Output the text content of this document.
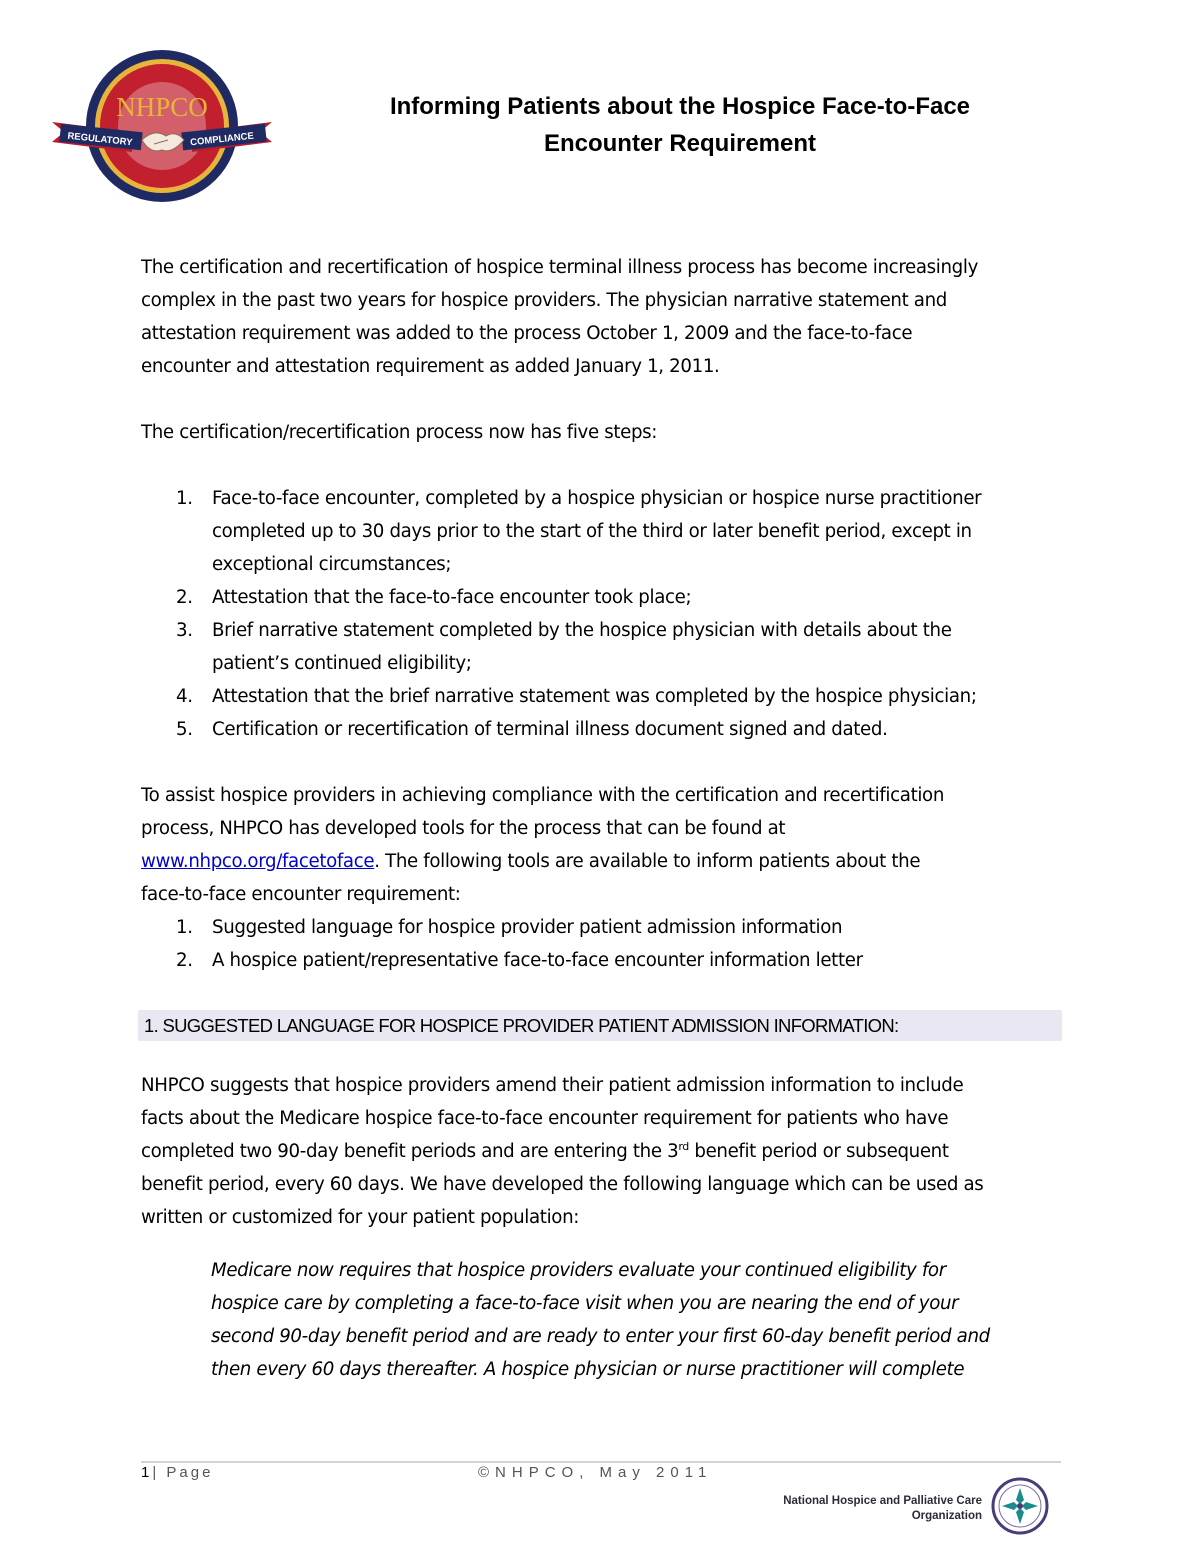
NHPCO
REGULATORY	COMPLIANCE
Informing Patients about the Hospice Face-to-Face
Encounter Requirement

The certification and recertification of hospice terminal illness process has become increasingly
complex in the past two years for hospice providers. The physician narrative statement and
attestation requirement was added to the process October 1, 2009 and the face-to-face
encounter and attestation requirement as added January 1, 2011.

The certification/recertification process now has five steps:

1. Face-to-face encounter, completed by a hospice physician or hospice nurse practitioner
completed up to 30 days prior to the start of the third or later benefit period, except in
exceptional circumstances;
2. Attestation that the face-to-face encounter took place;
3. Brief narrative statement completed by the hospice physician with details about the
patient’s continued eligibility;
4. Attestation that the brief narrative statement was completed by the hospice physician;
5. Certification or recertification of terminal illness document signed and dated.

To assist hospice providers in achieving compliance with the certification and recertification
process, NHPCO has developed tools for the process that can be found at
www.nhpco.org/facetoface. The following tools are available to inform patients about the
face-to-face encounter requirement:

1. Suggested language for hospice provider patient admission information
2. A hospice patient/representative face-to-face encounter information letter
1. SUGGESTED LANGUAGE FOR HOSPICE PROVIDER PATIENT ADMISSION INFORMATION:

NHPCO suggests that hospice providers amend their patient admission information to include
facts about the Medicare hospice face-to-face encounter requirement for patients who have
completed two 90-day benefit periods and are entering the 3rd benefit period or subsequent
benefit period, every 60 days. We have developed the following language which can be used as
written or customized for your patient population:

Medicare now requires that hospice providers evaluate your continued eligibility for
hospice care by completing a face-to-face visit when you are nearing the end of your
second 90-day benefit period and are ready to enter your first 60-day benefit period and
then every 60 days thereafter. A hospice physician or nurse practitioner will complete

1| Page	©NHPCO, May 2011
National Hospice and Palliative Care
Organization
